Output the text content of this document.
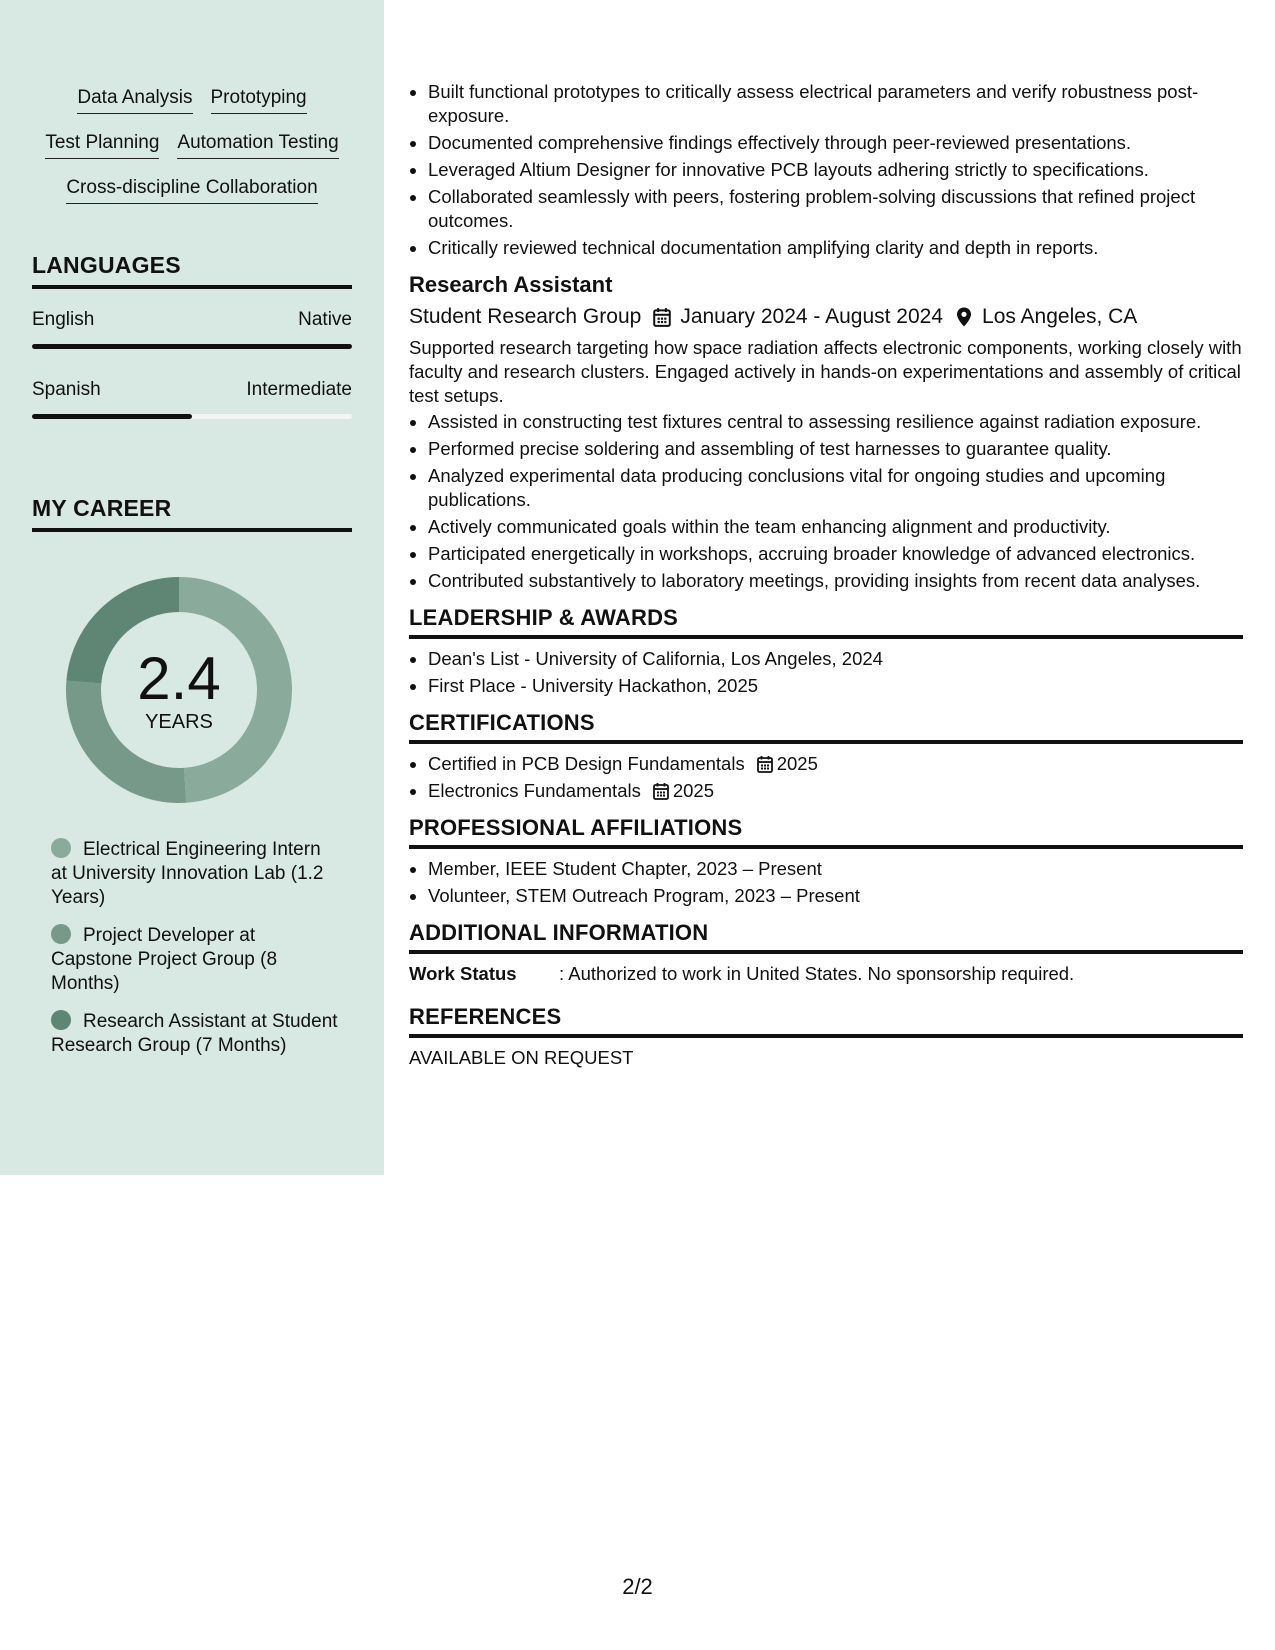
Data Analysis Prototyping
Test Planning Automation Testing
Cross-discipline Collaboration
LANGUAGES
English	Native
Spanish	Intermediate
MY CAREER
2.4
YEARS
Electrical Engineering Intern at University Innovation Lab (1.2 Years)
Project Developer at Capstone Project Group (8 Months)
Research Assistant at Student Research Group (7 Months)
• Built functional prototypes to critically assess electrical parameters and verify robustness post-exposure.
• Documented comprehensive findings effectively through peer-reviewed presentations.
• Leveraged Altium Designer for innovative PCB layouts adhering strictly to specifications.
• Collaborated seamlessly with peers, fostering problem-solving discussions that refined project outcomes.
• Critically reviewed technical documentation amplifying clarity and depth in reports.
Research Assistant
Student Research Group January 2024 - August 2024 Los Angeles, CA
Supported research targeting how space radiation affects electronic components, working closely with faculty and research clusters. Engaged actively in hands-on experimentations and assembly of critical test setups.
• Assisted in constructing test fixtures central to assessing resilience against radiation exposure.
• Performed precise soldering and assembling of test harnesses to guarantee quality.
• Analyzed experimental data producing conclusions vital for ongoing studies and upcoming publications.
• Actively communicated goals within the team enhancing alignment and productivity.
• Participated energetically in workshops, accruing broader knowledge of advanced electronics.
• Contributed substantively to laboratory meetings, providing insights from recent data analyses.
LEADERSHIP & AWARDS
• Dean's List - University of California, Los Angeles, 2024
• First Place - University Hackathon, 2025
CERTIFICATIONS
• Certified in PCB Design Fundamentals 2025
• Electronics Fundamentals 2025
PROFESSIONAL AFFILIATIONS
• Member, IEEE Student Chapter, 2023 – Present
• Volunteer, STEM Outreach Program, 2023 – Present
ADDITIONAL INFORMATION
Work Status	: Authorized to work in United States. No sponsorship required.
REFERENCES
AVAILABLE ON REQUEST
2/2
